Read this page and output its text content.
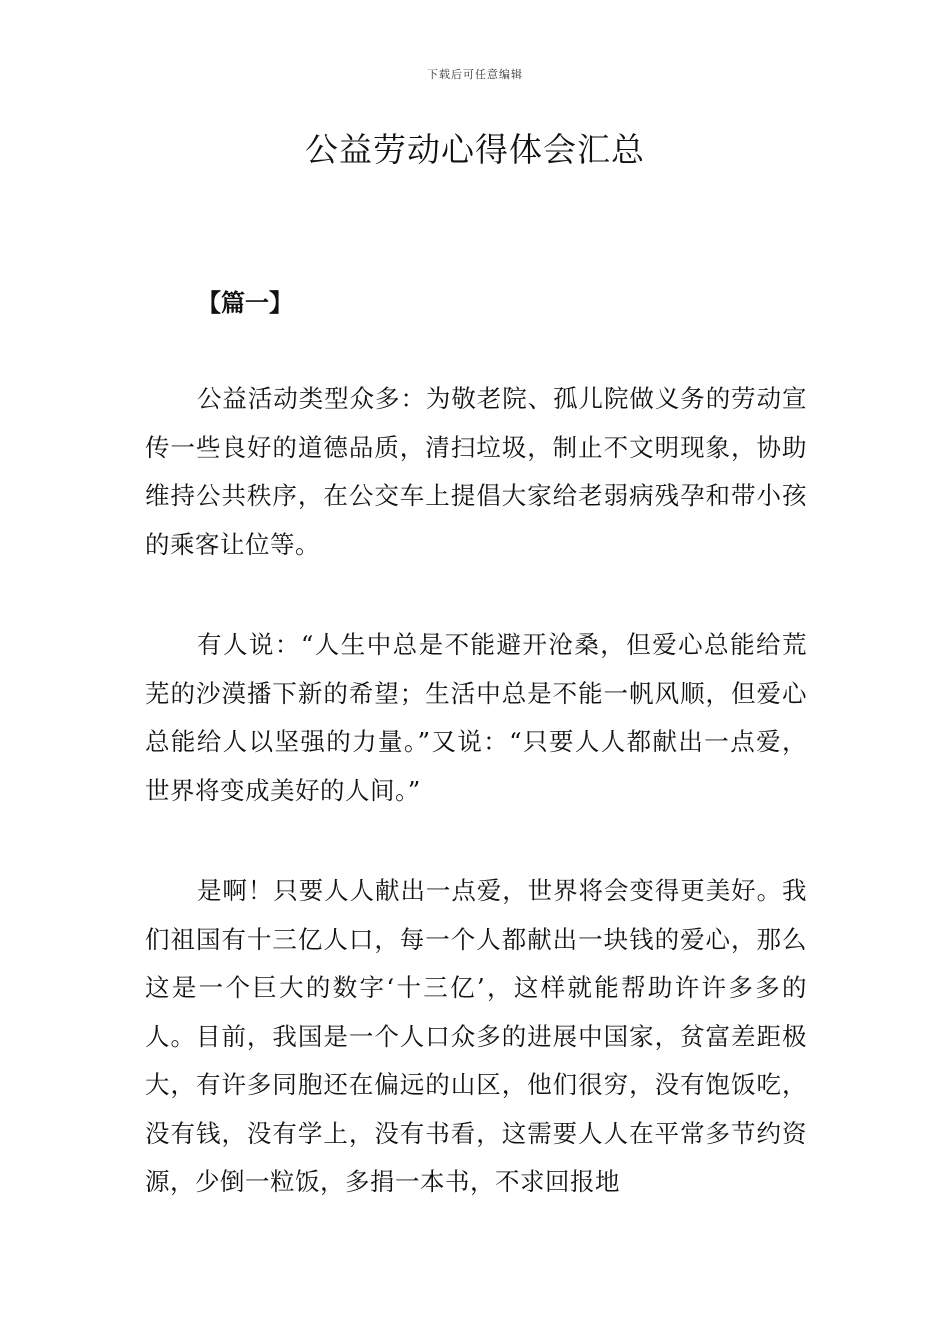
下载后可任意编辑
公益劳动心得体会汇总
【篇一】

公益活动类型众多：为敬老院、孤儿院做义务的劳动宣传一些良好的道德品质，清扫垃圾，制止不文明现象，协助维持公共秩序，在公交车上提倡大家给老弱病残孕和带小孩的乘客让位等。

有人说：“人生中总是不能避开沧桑，但爱心总能给荒芜的沙漠播下新的希望；生活中总是不能一帆风顺，但爱心总能给人以坚强的力量。”又说：“只要人人都献出一点爱，世界将变成美好的人间。”

是啊！只要人人献出一点爱，世界将会变得更美好。我们祖国有十三亿人口，每一个人都献出一块钱的爱心，那么这是一个巨大的数字‘十三亿’，这样就能帮助许许多多的人。目前，我国是一个人口众多的进展中国家，贫富差距极大，有许多同胞还在偏远的山区，他们很穷，没有饱饭吃，没有钱，没有学上，没有书看，这需要人人在平常多节约资源，少倒一粒饭，多捐一本书，不求回报地
